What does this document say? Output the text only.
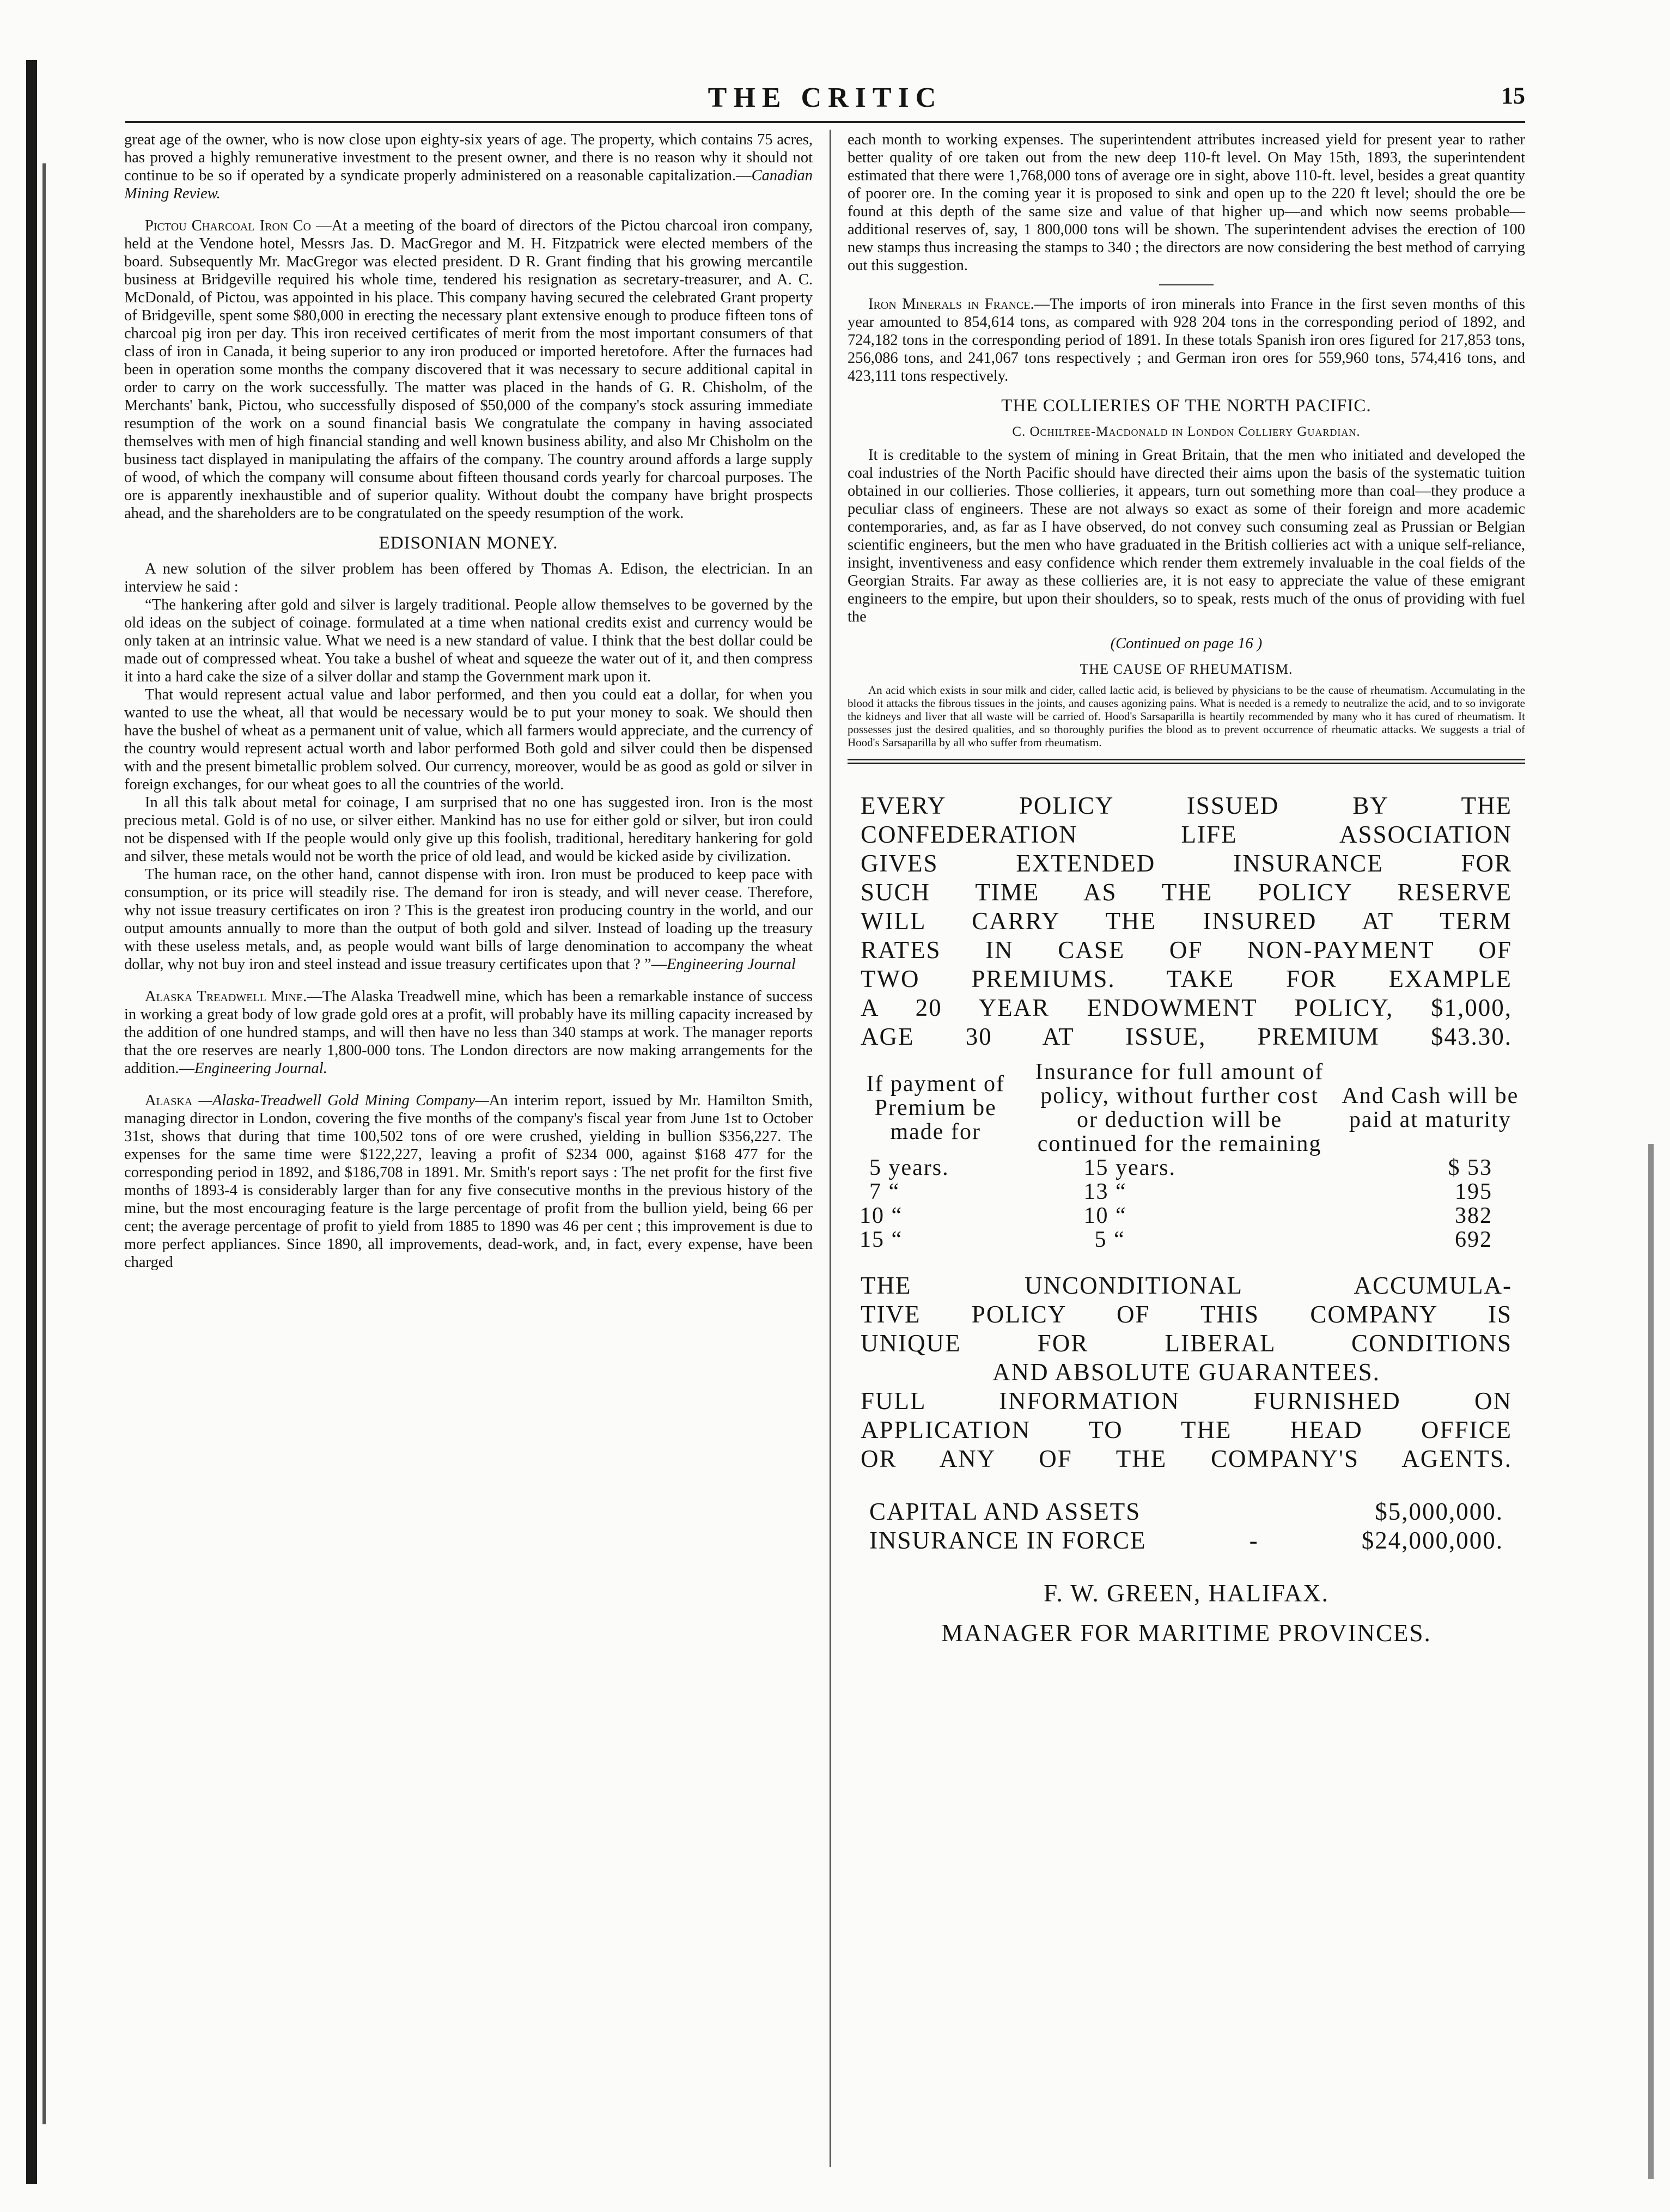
THE CRITIC	15

great age of the owner, who is now close upon eighty-six years of age. The property, which contains 75 acres, has proved a highly remunerative investment to the present owner, and there is no reason why it should not continue to be so if operated by a syndicate properly administered on a reasonable capitalization.—Canadian Mining Review.

Pictou Charcoal Iron Co —At a meeting of the board of directors of the Pictou charcoal iron company, held at the Vendone hotel, Messrs Jas. D. MacGregor and M. H. Fitzpatrick were elected members of the board. Subsequently Mr. MacGregor was elected president. D R. Grant finding that his growing mercantile business at Bridgeville required his whole time, tendered his resignation as secretary-treasurer, and A. C. McDonald, of Pictou, was appointed in his place. This company having secured the celebrated Grant property of Bridgeville, spent some $80,000 in erecting the necessary plant extensive enough to produce fifteen tons of charcoal pig iron per day. This iron received certificates of merit from the most important consumers of that class of iron in Canada, it being superior to any iron produced or imported heretofore. After the furnaces had been in operation some months the company discovered that it was necessary to secure additional capital in order to carry on the work successfully. The matter was placed in the hands of G. R. Chisholm, of the Merchants' bank, Pictou, who successfully disposed of $50,000 of the company's stock assuring immediate resumption of the work on a sound financial basis We congratulate the company in having associated themselves with men of high financial standing and well known business ability, and also Mr Chisholm on the business tact displayed in manipulating the affairs of the company. The country around affords a large supply of wood, of which the company will consume about fifteen thousand cords yearly for charcoal purposes. The ore is apparently inexhaustible and of superior quality. Without doubt the company have bright prospects ahead, and the shareholders are to be congratulated on the speedy resumption of the work.

EDISONIAN MONEY.

A new solution of the silver problem has been offered by Thomas A. Edison, the electrician. In an interview he said :

“The hankering after gold and silver is largely traditional. People allow themselves to be governed by the old ideas on the subject of coinage. formulated at a time when national credits exist and currency would be only taken at an intrinsic value. What we need is a new standard of value. I think that the best dollar could be made out of compressed wheat. You take a bushel of wheat and squeeze the water out of it, and then compress it into a hard cake the size of a silver dollar and stamp the Government mark upon it.

That would represent actual value and labor performed, and then you could eat a dollar, for when you wanted to use the wheat, all that would be necessary would be to put your money to soak. We should then have the bushel of wheat as a permanent unit of value, which all farmers would appreciate, and the currency of the country would represent actual worth and labor performed Both gold and silver could then be dispensed with and the present bimetallic problem solved. Our currency, moreover, would be as good as gold or silver in foreign exchanges, for our wheat goes to all the countries of the world.

In all this talk about metal for coinage, I am surprised that no one has suggested iron. Iron is the most precious metal. Gold is of no use, or silver either. Mankind has no use for either gold or silver, but iron could not be dispensed with If the people would only give up this foolish, traditional, hereditary hankering for gold and silver, these metals would not be worth the price of old lead, and would be kicked aside by civilization.

The human race, on the other hand, cannot dispense with iron. Iron must be produced to keep pace with consumption, or its price will steadily rise. The demand for iron is steady, and will never cease. Therefore, why not issue treasury certificates on iron ? This is the greatest iron producing country in the world, and our output amounts annually to more than the output of both gold and silver. Instead of loading up the treasury with these useless metals, and, as people would want bills of large denomination to accompany the wheat dollar, why not buy iron and steel instead and issue treasury certificates upon that ? ”—Engineering Journal

Alaska Treadwell Mine.—The Alaska Treadwell mine, which has been a remarkable instance of success in working a great body of low grade gold ores at a profit, will probably have its milling capacity increased by the addition of one hundred stamps, and will then have no less than 340 stamps at work. The manager reports that the ore reserves are nearly 1,800-000 tons. The London directors are now making arrangements for the addition.—Engineering Journal.

Alaska —Alaska-Treadwell Gold Mining Company—An interim report, issued by Mr. Hamilton Smith, managing director in London, covering the five months of the company's fiscal year from June 1st to October 31st, shows that during that time 100,502 tons of ore were crushed, yielding in bullion $356,227. The expenses for the same time were $122,227, leaving a profit of $234 000, against $168 477 for the corresponding period in 1892, and $186,708 in 1891. Mr. Smith's report says : The net profit for the first five months of 1893-4 is considerably larger than for any five consecutive months in the previous history of the mine, but the most encouraging feature is the large percentage of profit from the bullion yield, being 66 per cent; the average percentage of profit to yield from 1885 to 1890 was 46 per cent ; this improvement is due to more perfect appliances. Since 1890, all improvements, dead-work, and, in fact, every expense, have been charged

each month to working expenses. The superintendent attributes increased yield for present year to rather better quality of ore taken out from the new deep 110-ft level. On May 15th, 1893, the superintendent estimated that there were 1,768,000 tons of average ore in sight, above 110-ft. level, besides a great quantity of poorer ore. In the coming year it is proposed to sink and open up to the 220 ft level; should the ore be found at this depth of the same size and value of that higher up—and which now seems probable—additional reserves of, say, 1 800,000 tons will be shown. The superintendent advises the erection of 100 new stamps thus increasing the stamps to 340 ; the directors are now considering the best method of carrying out this suggestion.

Iron Minerals in France.—The imports of iron minerals into France in the first seven months of this year amounted to 854,614 tons, as compared with 928 204 tons in the corresponding period of 1892, and 724,182 tons in the corresponding period of 1891. In these totals Spanish iron ores figured for 217,853 tons, 256,086 tons, and 241,067 tons respectively ; and German iron ores for 559,960 tons, 574,416 tons, and 423,111 tons respectively.

THE COLLIERIES OF THE NORTH PACIFIC.
C. Ochiltree-Macdonald in London Colliery Guardian.

It is creditable to the system of mining in Great Britain, that the men who initiated and developed the coal industries of the North Pacific should have directed their aims upon the basis of the systematic tuition obtained in our collieries. Those collieries, it appears, turn out something more than coal—they produce a peculiar class of engineers. These are not always so exact as some of their foreign and more academic contemporaries, and, as far as I have observed, do not convey such consuming zeal as Prussian or Belgian scientific engineers, but the men who have graduated in the British collieries act with a unique self-reliance, insight, inventiveness and easy confidence which render them extremely invaluable in the coal fields of the Georgian Straits. Far away as these collieries are, it is not easy to appreciate the value of these emigrant engineers to the empire, but upon their shoulders, so to speak, rests much of the onus of providing with fuel the

(Continued on page 16 )
THE CAUSE OF RHEUMATISM.

An acid which exists in sour milk and cider, called lactic acid, is believed by physicians to be the cause of rheumatism. Accumulating in the blood it attacks the fibrous tissues in the joints, and causes agonizing pains. What is needed is a remedy to neutralize the acid, and to so invigorate the kidneys and liver that all waste will be carried of. Hood's Sarsaparilla is heartily recommended by many who it has cured of rheumatism. It possesses just the desired qualities, and so thoroughly purifies the blood as to prevent occurrence of rheumatic attacks. We suggests a trial of Hood's Sarsaparilla by all who suffer from rheumatism.

EVERY POLICY ISSUED BY THE
CONFEDERATION LIFE ASSOCIATION
GIVES EXTENDED INSURANCE FOR
SUCH TIME AS THE POLICY RESERVE
WILL CARRY THE INSURED AT TERM
RATES IN CASE OF NON-PAYMENT OF
TWO PREMIUMS. TAKE FOR EXAMPLE
A 20 YEAR ENDOWMENT POLICY, $1,000,
AGE 30 AT ISSUE, PREMIUM $43.30.
If payment of Premium be made for	Insurance for full amount of policy, without further cost or deduction will be continued for the remaining	And Cash will be paid at maturity
5 years.	15 years.	$ 53
7 “	13 “	195
10 “	10 “	382
15 “	5 “	692
THE UNCONDITIONAL ACCUMULA-
TIVE POLICY OF THIS COMPANY IS
UNIQUE FOR LIBERAL CONDITIONS
AND ABSOLUTE GUARANTEES.
FULL INFORMATION FURNISHED ON
APPLICATION TO THE HEAD OFFICE
OR ANY OF THE COMPANY'S AGENTS.
CAPITAL AND ASSETS	$5,000,000.
INSURANCE IN FORCE	-	$24,000,000.
F. W. GREEN, HALIFAX.
MANAGER FOR MARITIME PROVINCES.
